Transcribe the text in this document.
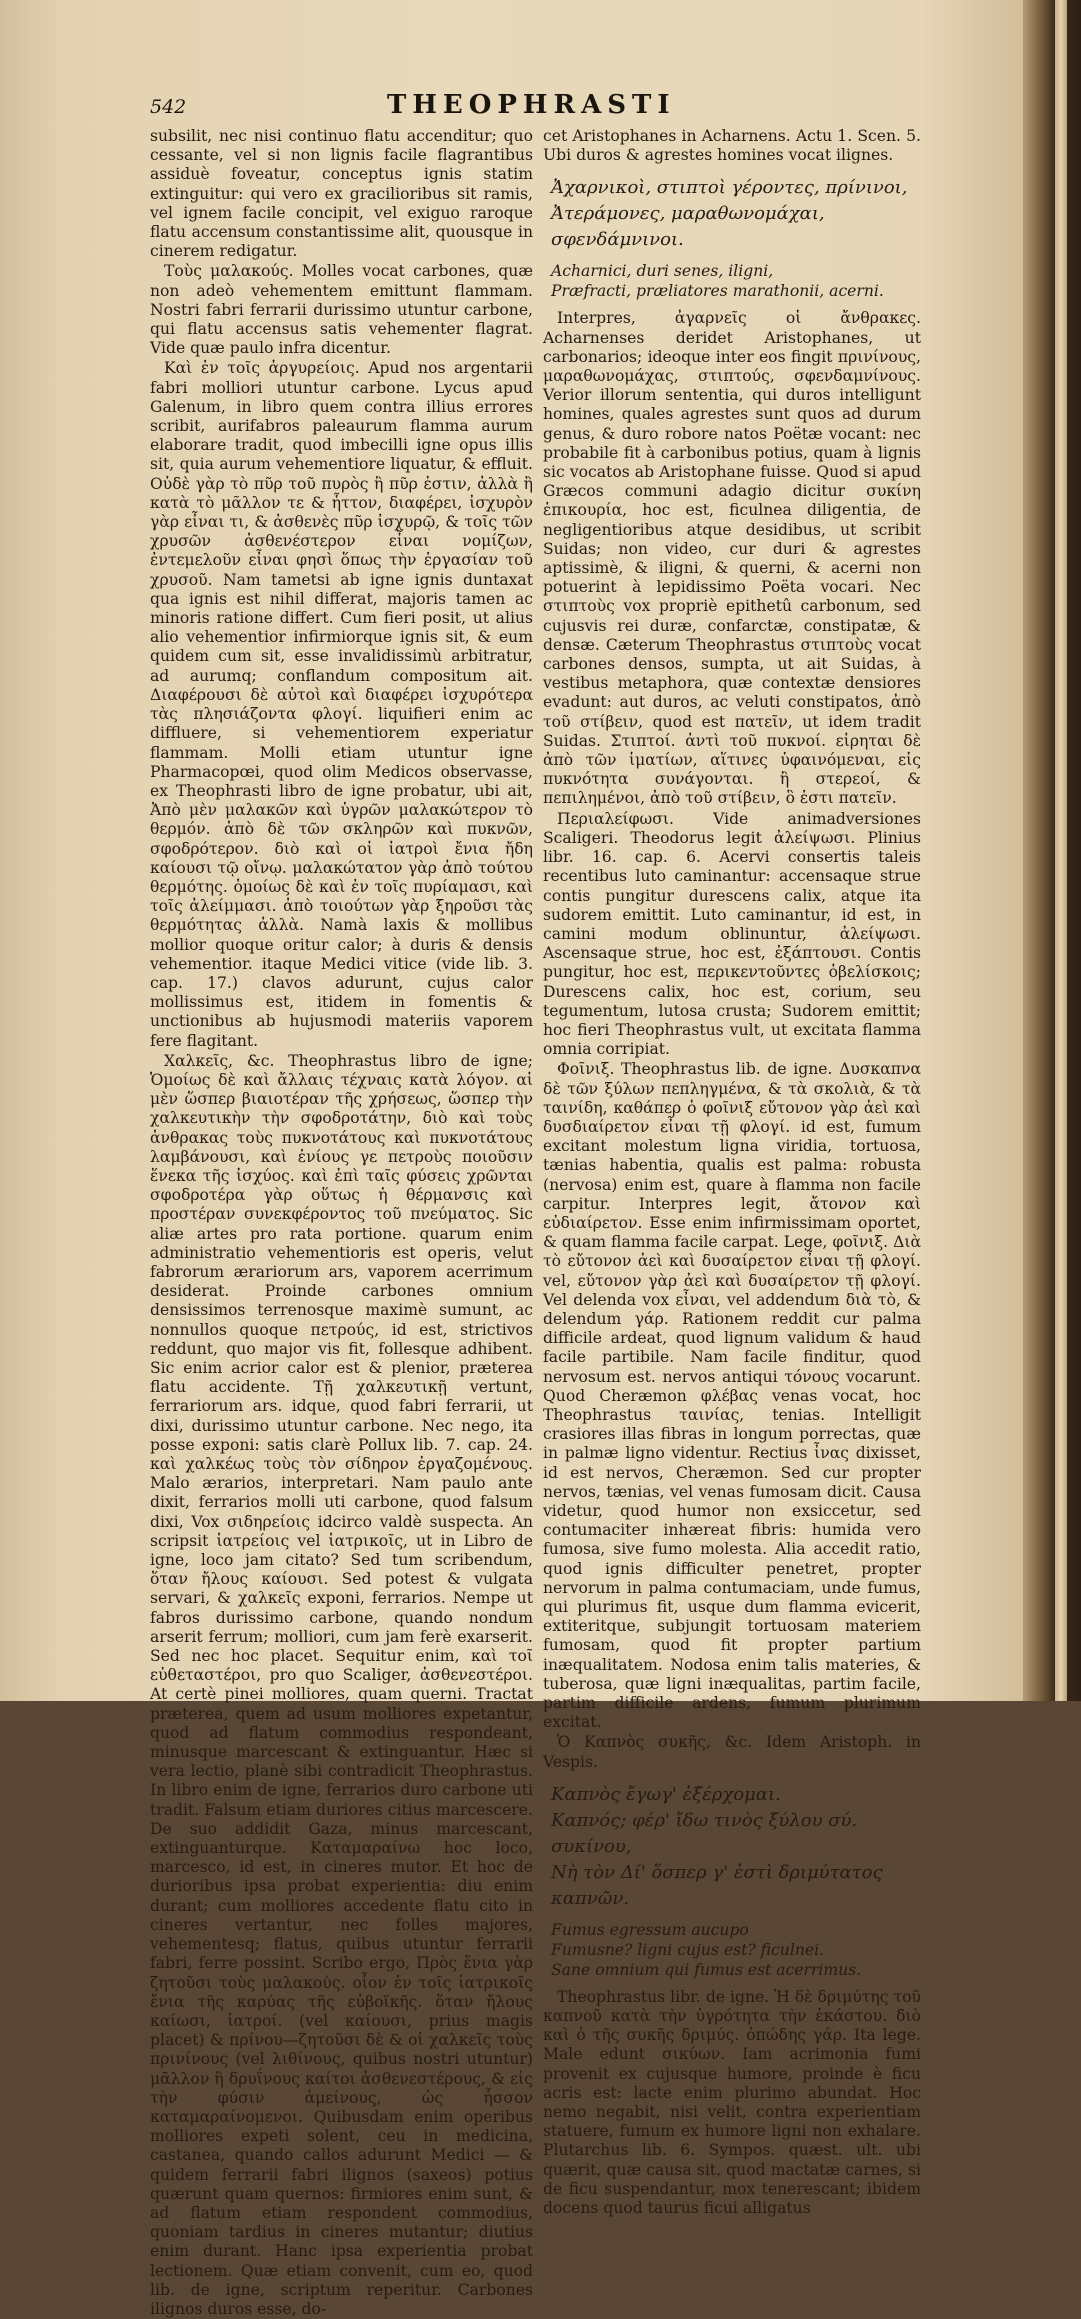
542	THEOPHRASTI

subsilit, nec nisi continuo flatu accenditur; quo cessante, vel si non lignis facile flagrantibus assiduè foveatur, conceptus ignis statim extinguitur: qui vero ex gracilioribus sit ramis, vel ignem facile concipit, vel exiguo raroque flatu accensum constantissime alit, quousque in cinerem redigatur.

Τοὺς μαλακούς. Molles vocat carbones, quæ non adeò vehementem emittunt flammam. Nostri fabri ferrarii durissimo utuntur carbone, qui flatu accensus satis vehementer flagrat. Vide quæ paulo infra dicentur.

Καὶ ἐν τοῖς ἀργυρείοις. Apud nos argentarii fabri molliori utuntur carbone. Lycus apud Galenum, in libro quem contra illius errores scribit, aurifabros paleaurum flamma aurum elaborare tradit, quod imbecilli igne opus illis sit, quia aurum vehementiore liquatur, & effluit. Οὐδὲ γὰρ τὸ πῦρ τοῦ πυρὸς ἢ πῦρ ἐστιν, ἀλλὰ ἢ κατὰ τὸ μᾶλλον τε & ἧττον, διαφέρει, ἰσχυρὸν γὰρ εἶναι τι, & ἀσθενὲς πῦρ ἰσχυρῷ, & τοῖς τῶν χρυσῶν ἀσθενέστερον εἶναι νομίζων, ἐντεμελοῦν εἶναι φησὶ ὅπως τὴν ἐργασίαν τοῦ χρυσοῦ. Nam tametsi ab igne ignis duntaxat qua ignis est nihil differat, majoris tamen ac minoris ratione differt. Cum fieri posit, ut alius alio vehementior infirmiorque ignis sit, & eum quidem cum sit, esse invalidissimù arbitratur, ad aurumq; conflandum compositum ait. Διαφέρουσι δὲ αὐτοὶ καὶ διαφέρει ἰσχυρότερα τὰς πλησιάζοντα φλογί. liquifieri enim ac diffluere, si vehementiorem experiatur flammam. Molli etiam utuntur igne Pharmacopœi, quod olim Medicos observasse, ex Theophrasti libro de igne probatur, ubi ait, Ἀπὸ μὲν μαλακῶν καὶ ὑγρῶν μαλακώτερον τὸ θερμόν. ἀπὸ δὲ τῶν σκληρῶν καὶ πυκνῶν, σφοδρότερον. διὸ καὶ οἱ ἰατροὶ ἔνια ἤδη καίουσι τῷ οἴνῳ. μαλακώτατον γὰρ ἀπὸ τούτου θερμότης. ὁμοίως δὲ καὶ ἐν τοῖς πυρίαμασι, καὶ τοῖς ἀλείμμασι. ἀπὸ τοιούτων γὰρ ξηροῦσι τὰς θερμότητας ἀλλὰ. Namà laxis & mollibus mollior quoque oritur calor; à duris & densis vehementior. itaque Medici vitice (vide lib. 3. cap. 17.) clavos adurunt, cujus calor mollissimus est, itidem in fomentis & unctionibus ab hujusmodi materiis vaporem fere flagitant.

Χαλκεῖς, &c. Theophrastus libro de igne; Ὁμοίως δὲ καὶ ἄλλαις τέχναις κατὰ λόγον. αἱ μὲν ὥσπερ βιαιοτέραν τῆς χρήσεως, ὥσπερ τὴν χαλκευτικὴν τὴν σφοδροτάτην, διὸ καὶ τοὺς ἀνθρακας τοὺς πυκνοτάτους καὶ πυκνοτάτους λαμβάνουσι, καὶ ἐνίους γε πετροὺς ποιοῦσιν ἕνεκα τῆς ἰσχύος. καὶ ἐπὶ ταῖς φύσεις χρῶνται σφοδροτέρα γὰρ οὕτως ἡ θέρμανσις καὶ προστέραν συνεκφέροντος τοῦ πνεύματος. Sic aliæ artes pro rata portione. quarum enim administratio vehementioris est operis, velut fabrorum ærariorum ars, vaporem acerrimum desiderat. Proinde carbones omnium densissimos terrenosque maximè sumunt, ac nonnullos quoque πετρούς, id est, strictivos reddunt, quo major vis fit, follesque adhibent. Sic enim acrior calor est & plenior, præterea flatu accidente. Τῇ χαλκευτικῇ vertunt, ferrariorum ars. idque, quod fabri ferrarii, ut dixi, durissimo utuntur carbone. Nec nego, ita posse exponi: satis clarè Pollux lib. 7. cap. 24. καὶ χαλκέως τοὺς τὸν σίδηρον ἐργαζομένους. Malo ærarios, interpretari. Nam paulo ante dixit, ferrarios molli uti carbone, quod falsum dixi, Vox σιδηρείοις idcirco valdè suspecta. An scripsit ἰατρείοις vel ἰατρικοῖς, ut in Libro de igne, loco jam citato? Sed tum scribendum, ὅταν ἤλους καίουσι. Sed potest & vulgata servari, & χαλκεῖς exponi, ferrarios. Nempe ut fabros durissimo carbone, quando nondum arserit ferrum; molliori, cum jam ferè exarserit. Sed nec hoc placet. Sequitur enim, καὶ τοῖ εὐθεταστέροι, pro quo Scaliger, ἀσθενεστέροι. At certè pinei molliores, quam querni. Tractat præterea, quem ad usum molliores expetantur, quod ad flatum commodius respondeant, minusque marcescant & extinguantur. Hæc si vera lectio, planè sibi contradicit Theophrastus. In libro enim de igne, ferrarios duro carbone uti tradit. Falsum etiam duriores citius marcescere. De suo addidit Gaza, minus marcescant, extinguanturque. Καταμαραίνω hoc loco, marcesco, id est, in cineres mutor. Et hoc de durioribus ipsa probat experientia: diu enim durant; cum molliores accedente flatu cito in cineres vertantur, nec folles majores, vehementesq; flatus, quibus utuntur ferrarii fabri, ferre possint. Scribo ergo, Πρὸς ἔνια γὰρ ζητοῦσι τοὺς μαλακούς. οἷον ἐν τοῖς ἰατρικοῖς ἔνια τῆς καρύας τῆς εὐβοϊκῆς. ὅταν ἤλους καίωσι, ἰατροί. (vel καίουσι, prius magis placet) & πρίνου—ζητοῦσι δὲ & οἱ χαλκεῖς τοὺς πρινίνους (vel λιθίνους, quibus nostri utuntur) μᾶλλον ἢ δρυΐνους καίτοι ἀσθενεστέρους, & εἰς τὴν φύσιν ἀμείνους, ὡς ἧσσον καταμαραίνομενοι. Quibusdam enim operibus molliores expeti solent, ceu in medicina, castanea, quando callos adurunt Medici — & quidem ferrarii fabri ilignos (saxeos) potius quærunt quam quernos: firmiores enim sunt, & ad flatum etiam respondent commodius, quoniam tardius in cineres mutantur; diutius enim durant. Hanc ipsa experientia probat lectionem. Quæ etiam convenit, cum eo, quod lib. de igne, scriptum reperitur. Carbones ilignos duros esse, do-

cet Aristophanes in Acharnens. Actu 1. Scen. 5. Ubi duros & agrestes homines vocat ilignes.

Ἀχαρνικοὶ, στιπτοὶ γέροντες, πρίνινοι,
Ἀτεράμονες, μαραθωνομάχαι, σφενδάμνινοι.
Acharnici, duri senes, iligni,
Præfracti, præliatores marathonii, acerni.

Interpres, ἀγαρνεῖς οἱ ἄνθρακες. Acharnenses deridet Aristophanes, ut carbonarios; ideoque inter eos fingit πρινίνους, μαραθωνομάχας, στιπτούς, σφενδαμνίνους. Verior illorum sententia, qui duros intelligunt homines, quales agrestes sunt quos ad durum genus, & duro robore natos Poëtæ vocant: nec probabile fit à carbonibus potius, quam à lignis sic vocatos ab Aristophane fuisse. Quod si apud Græcos communi adagio dicitur συκίνη ἐπικουρία, hoc est, ficulnea diligentia, de negligentioribus atque desidibus, ut scribit Suidas; non video, cur duri & agrestes aptissimè, & iligni, & querni, & acerni non potuerint à lepidissimo Poëta vocari. Nec στιπτοὺς vox propriè epithetû carbonum, sed cujusvis rei duræ, confarctæ, constipatæ, & densæ. Cæterum Theophrastus στιπτοὺς vocat carbones densos, sumpta, ut ait Suidas, à vestibus metaphora, quæ contextæ densiores evadunt: aut duros, ac veluti constipatos, ἀπὸ τοῦ στίβειν, quod est πατεῖν, ut idem tradit Suidas. Στιπτοί. ἀντὶ τοῦ πυκνοί. εἰρηται δὲ ἀπὸ τῶν ἱματίων, αἵτινες ὑφαινόμεναι, εἰς πυκνότητα συνάγονται. ἢ στερεοί, & πεπιλημένοι, ἀπὸ τοῦ στίβειν, ὃ ἐστι πατεῖν.

Περιαλείφωσι. Vide animadversiones Scaligeri. Theodorus legit ἀλείψωσι. Plinius libr. 16. cap. 6. Acervi consertis taleis recentibus luto caminantur: accensaque strue contis pungitur durescens calix, atque ita sudorem emittit. Luto caminantur, id est, in camini modum oblinuntur, ἀλείψωσι. Ascensaque strue, hoc est, ἐξάπτουσι. Contis pungitur, hoc est, περικεντοῦντες ὀβελίσκοις; Durescens calix, hoc est, corium, seu tegumentum, lutosa crusta; Sudorem emittit; hoc fieri Theophrastus vult, ut excitata flamma omnia corripiat.

Φοῖνιξ. Theophrastus lib. de igne. Δυσκαπνα δὲ τῶν ξύλων πεπληγμένα, & τὰ σκολιὰ, & τὰ ταινίδη, καθάπερ ὁ φοῖνιξ εὔτονον γὰρ ἀεὶ καὶ δυσδιαίρετον εἶναι τῇ φλογί. id est, fumum excitant molestum ligna viridia, tortuosa, tænias habentia, qualis est palma: robusta (nervosa) enim est, quare à flamma non facile carpitur. Interpres legit, ἄτονον καὶ εὐδιαίρετον. Esse enim infirmissimam oportet, & quam flamma facile carpat. Lege, φοῖνιξ. Διὰ τὸ εὔτονον ἀεὶ καὶ δυσαίρετον εἶναι τῇ φλογί. vel, εὔτονον γὰρ ἀεὶ καὶ δυσαίρετον τῇ φλογί. Vel delenda vox εἶναι, vel addendum διὰ τὸ, & delendum γάρ. Rationem reddit cur palma difficile ardeat, quod lignum validum & haud facile partibile. Nam facile finditur, quod nervosum est. nervos antiqui τόνους vocarunt. Quod Cheræmon φλέβας venas vocat, hoc Theophrastus ταινίας, tenias. Intelligit crasiores illas fibras in longum porrectas, quæ in palmæ ligno videntur. Rectius ἶνας dixisset, id est nervos, Cheræmon. Sed cur propter nervos, tænias, vel venas fumosam dicit. Causa videtur, quod humor non exsiccetur, sed contumaciter inhæreat fibris: humida vero fumosa, sive fumo molesta. Alia accedit ratio, quod ignis difficulter penetret, propter nervorum in palma contumaciam, unde fumus, qui plurimus fit, usque dum flamma evicerit, extiteritque, subjungit tortuosam materiem fumosam, quod fit propter partium inæqualitatem. Nodosa enim talis materies, & tuberosa, quæ ligni inæqualitas, partim facile, partim difficile ardens, fumum plurimum excitat.

Ὁ Καπνὸς συκῆς, &c. Idem Aristoph. in Vespis.

Καπνὸς ἔγωγ' ἐξέρχομαι.
Καπνός; φέρ' ἴδω τινὸς ξύλου σύ. συκίνου,
Νὴ τὸν Δί' ὅσπερ γ' ἐστὶ δριμύτατος καπνῶν.
Fumus egressum aucupo
Fumusne? ligni cujus est? ficulnei.
Sane omnium qui fumus est acerrimus.

Theophrastus libr. de igne. Ἡ δὲ δριμύτης τοῦ καπνοῦ κατὰ τὴν ὑγρότητα τὴν ἑκάστου. διὸ καὶ ὁ τῆς συκῆς δριμύς. ὀπώδης γάρ. Ita lege. Male edunt σικύων. Iam acrimonia fumi provenit ex cujusque humore, proinde è ficu acris est: lacte enim plurimo abundat. Hoc nemo negabit, nisi velit, contra experientiam statuere, fumum ex humore ligni non exhalare. Plutarchus lib. 6. Sympos. quæst. ult. ubi quærit, quæ causa sit, quod mactatæ carnes, si de ficu suspendantur, mox tenerescant; ibidem docens quod taurus ficui alligatus
